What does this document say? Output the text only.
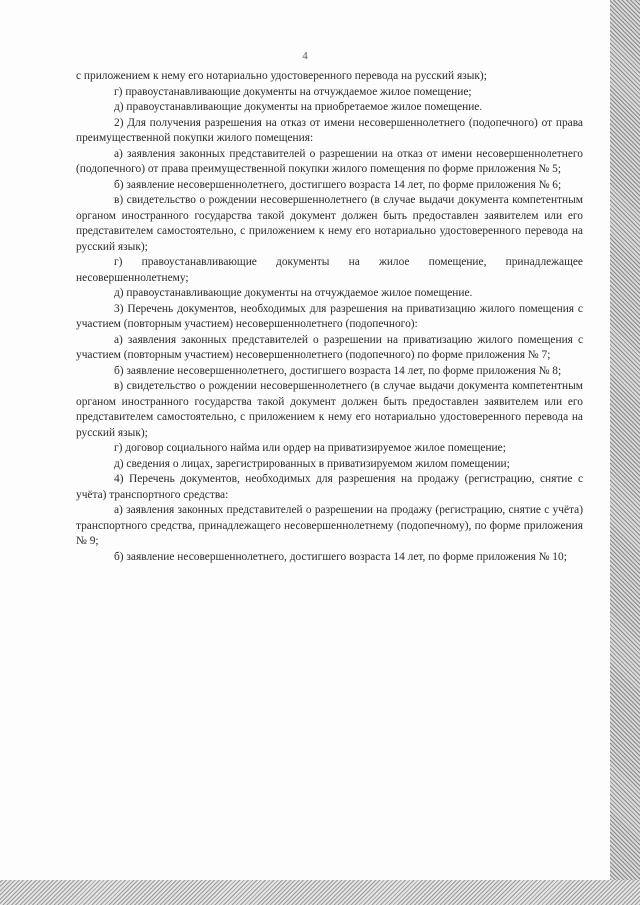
4

с приложением к нему его нотариально удостоверенного перевода на русский язык);

г) правоустанавливающие документы на отчуждаемое жилое помещение;

д) правоустанавливающие документы на приобретаемое жилое помещение.

2) Для получения разрешения на отказ от имени несовершеннолетнего (подопечного) от права преимущественной покупки жилого помещения:

а) заявления законных представителей о разрешении на отказ от имени несовершеннолетнего (подопечного) от права преимущественной покупки жилого помещения по форме приложения № 5;

б) заявление несовершеннолетнего, достигшего возраста 14 лет, по форме приложения № 6;

в) свидетельство о рождении несовершеннолетнего (в случае выдачи документа компетентным органом иностранного государства такой документ должен быть предоставлен заявителем или его представителем самостоятельно, с приложением к нему его нотариально удостоверенного перевода на русский язык);

г) правоустанавливающие документы на жилое помещение, принадлежащее несовершеннолетнему;

д) правоустанавливающие документы на отчуждаемое жилое помещение.

3) Перечень документов, необходимых для разрешения на приватизацию жилого помещения с участием (повторным участием) несовершеннолетнего (подопечного):

а) заявления законных представителей о разрешении на приватизацию жилого помещения с участием (повторным участием) несовершеннолетнего (подопечного) по форме приложения № 7;

б) заявление несовершеннолетнего, достигшего возраста 14 лет, по форме приложения № 8;

в) свидетельство о рождении несовершеннолетнего (в случае выдачи документа компетентным органом иностранного государства такой документ должен быть предоставлен заявителем или его представителем самостоятельно, с приложением к нему его нотариально удостоверенного перевода на русский язык);

г) договор социального найма или ордер на приватизируемое жилое помещение;

д) сведения о лицах, зарегистрированных в приватизируемом жилом помещении;

4) Перечень документов, необходимых для разрешения на продажу (регистрацию, снятие с учёта) транспортного средства:

а) заявления законных представителей о разрешении на продажу (регистрацию, снятие с учёта) транспортного средства, принадлежащего несовершеннолетнему (подопечному), по форме приложения № 9;

б) заявление несовершеннолетнего, достигшего возраста 14 лет, по форме приложения № 10;
